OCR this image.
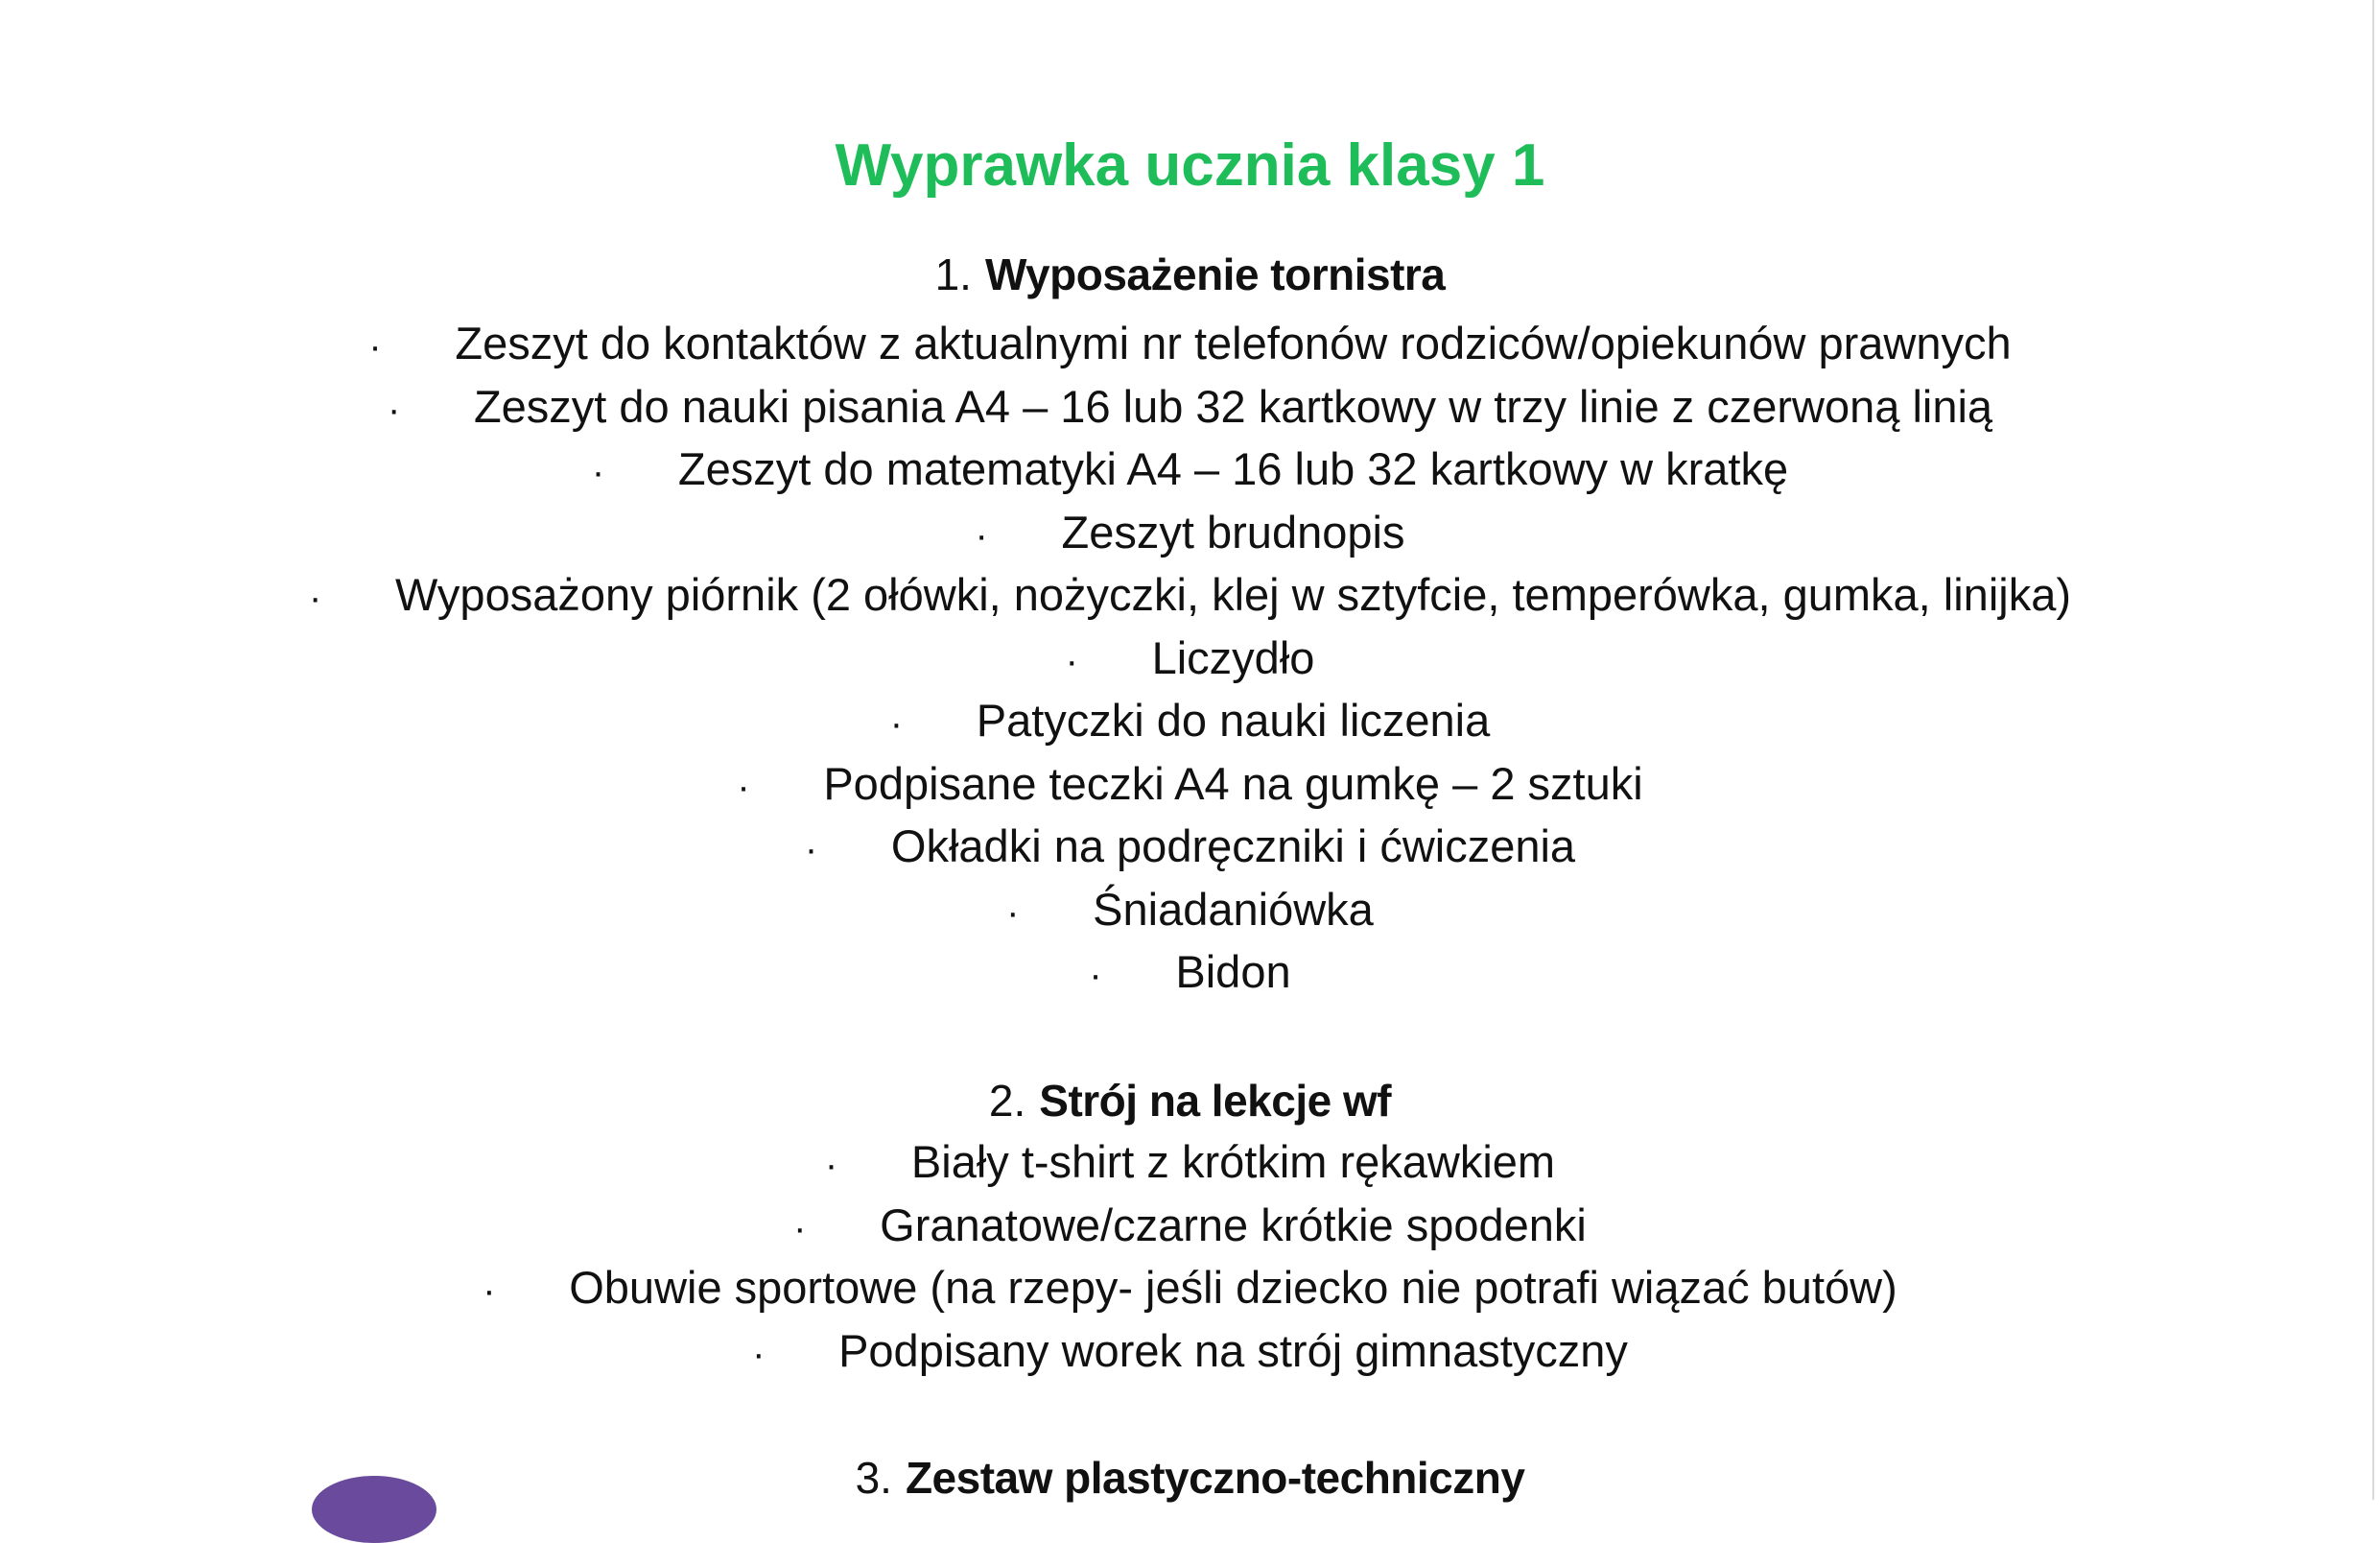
Wyprawka ucznia klasy 1
1. Wyposażenie tornistra
· Zeszyt do kontaktów z aktualnymi nr telefonów rodziców/opiekunów prawnych
· Zeszyt do nauki pisania A4 – 16 lub 32 kartkowy w trzy linie z czerwoną linią
· Zeszyt do matematyki A4 – 16 lub 32 kartkowy w kratkę
· Zeszyt brudnopis
· Wyposażony piórnik (2 ołówki, nożyczki, klej w sztyfcie, temperówka, gumka, linijka)
· Liczydło
· Patyczki do nauki liczenia
· Podpisane teczki A4 na gumkę – 2 sztuki
· Okładki na podręczniki i ćwiczenia
· Śniadaniówka
· Bidon
2. Strój na lekcje wf
· Biały t-shirt z krótkim rękawkiem
· Granatowe/czarne krótkie spodenki
· Obuwie sportowe (na rzepy- jeśli dziecko nie potrafi wiązać butów)
· Podpisany worek na strój gimnastyczny
3. Zestaw plastyczno-techniczny
